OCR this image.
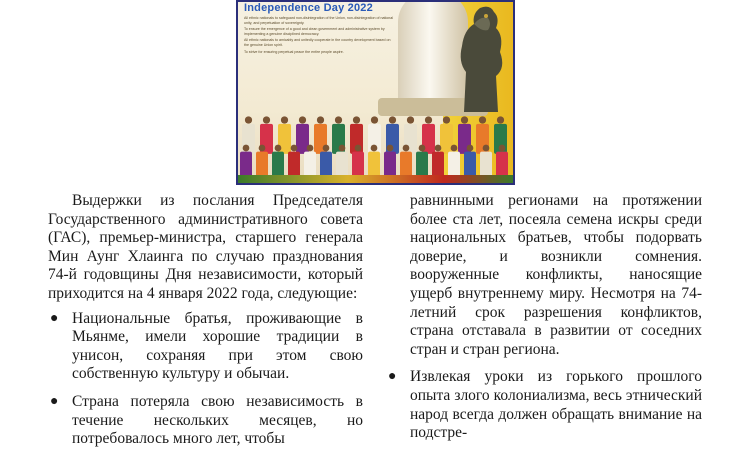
Independence Day 2022

All ethnic nationals to safeguard non-disintegration of the Union, non-disintegration of national unity, and perpetuation of sovereignty.

To ensure the emergence of a good and clean government and administrative system by implementing a genuine disciplined democracy.

All ethnic nationals to amicably and unitedly cooperate in the country development based on the genuine Union spirit.

To strive for ensuring perpetual peace the entire people aspire.

Выдержки из послания Председателя Государственного административного совета (ГАС), премьер-министра, старшего генерала Мин Аунг Хлаинга по случаю празднования 74-й годовщины Дня независимости, который приходится на 4 января 2022 года, следующие:

● Национальные братья, проживающие в Мьянме, имели хорошие традиции в унисон, сохраняя при этом свою собственную культуру и обычаи.
● Страна потеряла свою независимость в течение нескольких месяцев, но потребовалось много лет, чтобы

равнинными регионами на протяжении более ста лет, посеяла семена искры среди национальных братьев, чтобы подорвать доверие, и возникли сомнения. вооруженные конфликты, наносящие ущерб внутреннему миру. Несмотря на 74-летний срок разрешения конфликтов, страна отставала в развитии от соседних стран и стран региона.

● Извлекая уроки из горького прошлого опыта злого колониализма, весь этнический народ всегда должен обращать внимание на подстре-
